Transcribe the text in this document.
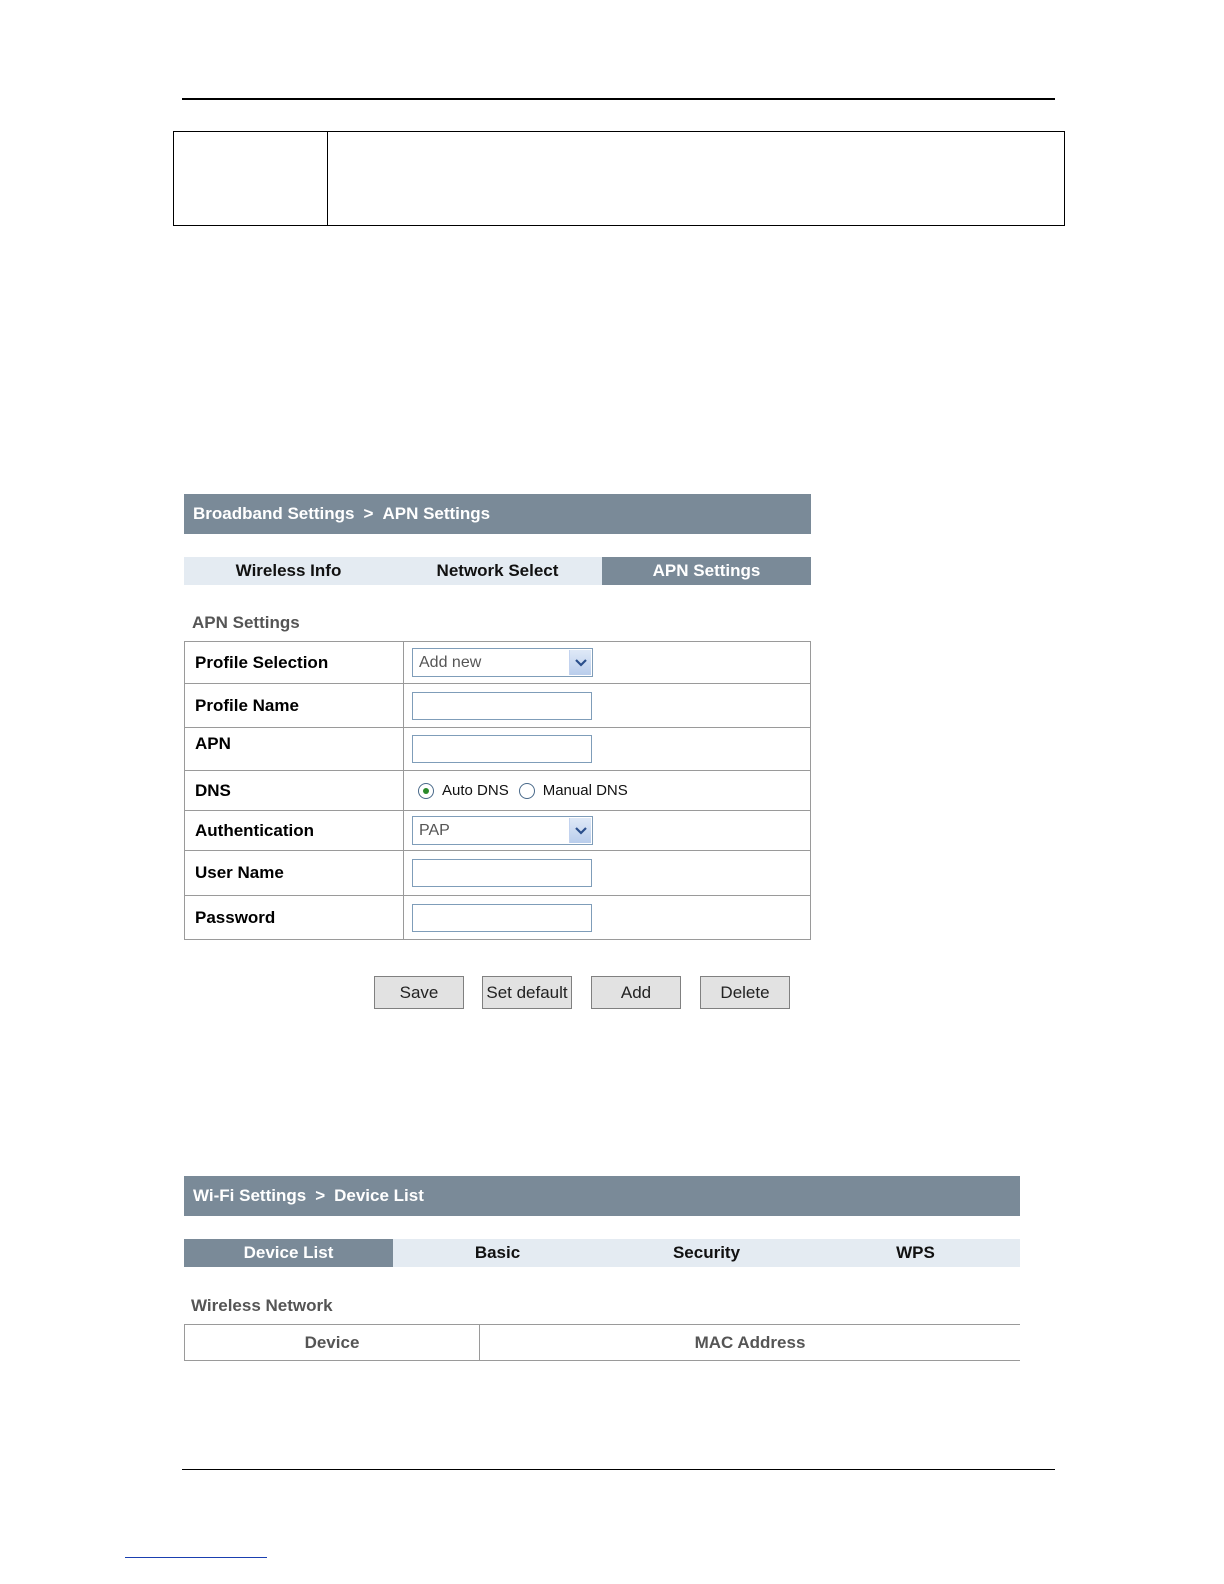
Broadband Settings > APN Settings
Wireless Info	Network Select	APN Settings
APN Settings
Profile Selection	Add new

Profile Name	

APN	

DNS	Auto DNS Manual DNS

Authentication	PAP

User Name	

Password	
Save	Set default	Add	Delete
Wi-Fi Settings > Device List
Device List	Basic	Security	WPS
Wireless Network
Device	MAC Address
